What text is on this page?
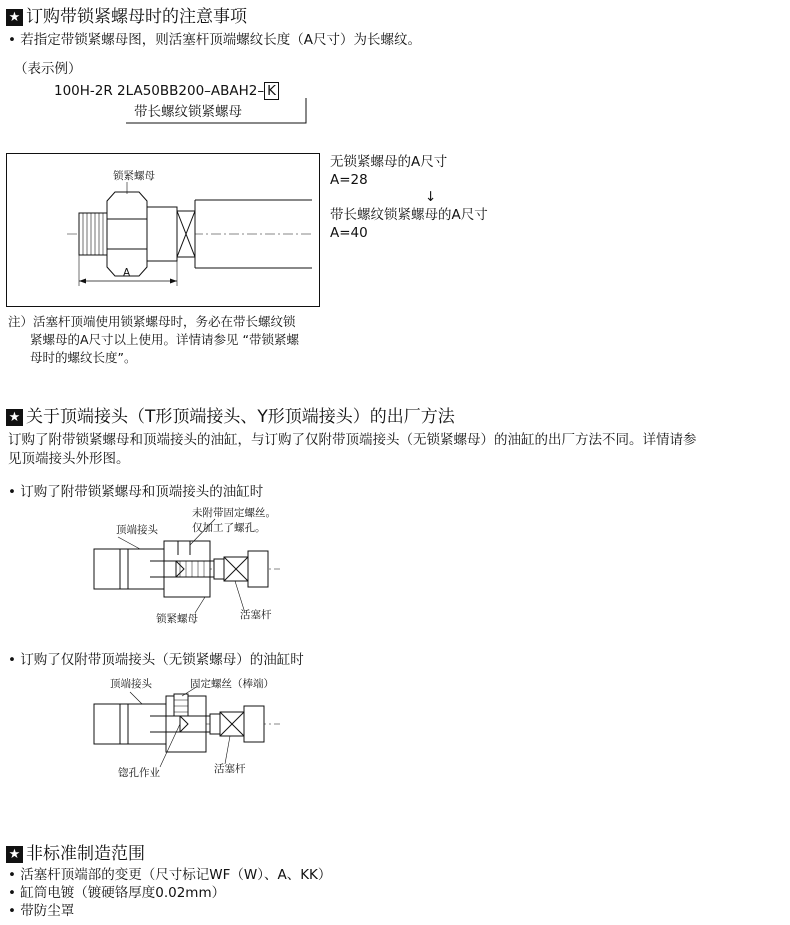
★ 订购带锁紧螺母时的注意事项
• 若指定带锁紧螺母图，则活塞杆顶端螺纹长度（A尺寸）为长螺纹。
（表示例）
100H-2R 2LA50BB200–ABAH2– K
带长螺纹锁紧螺母
锁紧螺母
A
无锁紧螺母的A尺寸
A=28
↓
带长螺纹锁紧螺母的A尺寸
A=40
注）活塞杆顶端使用锁紧螺母时，务必在带长螺纹锁
紧螺母的A尺寸以上使用。详情请参见 “带锁紧螺
母时的螺纹长度”。
★ 关于顶端接头（T形顶端接头、Y形顶端接头）的出厂方法
订购了附带锁紧螺母和顶端接头的油缸，与订购了仅附带顶端接头（无锁紧螺母）的油缸的出厂方法不同。详情请参
见顶端接头外形图。
• 订购了附带锁紧螺母和顶端接头的油缸时
顶端接头
未附带固定螺丝。
仅加工了螺孔。
锁紧螺母	活塞杆
• 订购了仅附带顶端接头（无锁紧螺母）的油缸时
顶端接头	固定螺丝（棒端）
锪孔作业	活塞杆
★ 非标准制造范围
• 活塞杆顶端部的变更（尺寸标记WF（W）、A、KK）
• 缸筒电镀（镀硬铬厚度0.02mm）
• 带防尘罩
